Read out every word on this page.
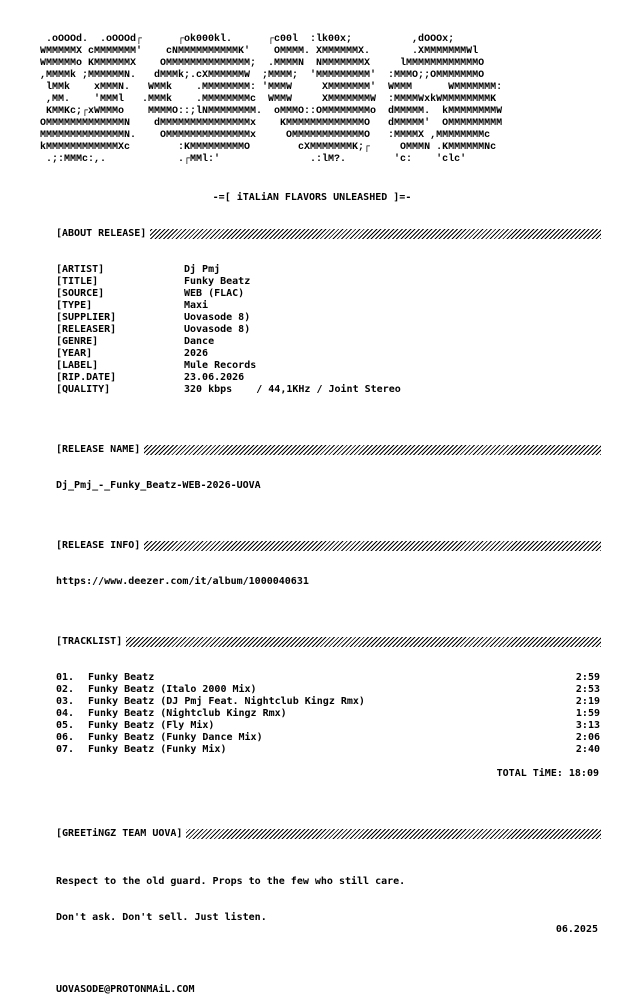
.oOOOd.  .oOOOd┌      ┌ok000kl.      ┌c00l  :lk00x;          ,dOOOx;
WMMMMMX cMMMMMMM'    cNMMMMMMMMMMK'    OMMMM. XMMMMMMX.       .XMMMMMMMWl
WMMMMMo KMMMMMMX    OMMMMMMMMMMMMMM;  .MMMMN  NMMMMMMMX     lMMMMMMMMMMMMO
,MMMMk ;MMMMMMN.   dMMMk;.cXMMMMMMW  ;MMMM;  'MMMMMMMMM'  :MMMO;;OMMMMMMMO
lMMk    xMMMN.   WMMk    .MMMMMMMM: 'MMMW     XMMMMMMM'  WMMM      WMMMMMMM:
,MM.    'MMMl   .MMMk    .MMMMMMMMc  WMMW     XMMMMMMMW  :MMMMWxkWMMMMMMMMK
KMMKc;┌xWMMMo    MMMMO::;lNMMMMMMMM.  oMMMO::OMMMMMMMMo  dMMMMM.  kMMMMMMMMW
OMMMMMMMMMMMMMN    dMMMMMMMMMMMMMMMx    KMMMMMMMMMMMMMO   dMMMMM'  OMMMMMMMMM
MMMMMMMMMMMMMMN.    OMMMMMMMMMMMMMMx     OMMMMMMMMMMMMO   :MMMMX ,MMMMMMMMc
kMMMMMMMMMMMMXc        :KMMMMMMMMMO        cXMMMMMMMK;┌     OMMMN .KMMMMMMNc
.;:MMMc:,.            .┌MMl:'               .:lM?.        'c:    'clc'
-=[ iTALiAN FLAVORS UNLEASHED ]=-
[ABOUT RELEASE]
[ARTIST]	Dj Pmj
[TITLE]	Funky Beatz
[SOURCE]	WEB (FLAC)
[TYPE]	Maxi
[SUPPLIER]	Uovasode 8)
[RELEASER]	Uovasode 8)
[GENRE]	Dance
[YEAR]	2026
[LABEL]	Mule Records
[RIP.DATE]	23.06.2026
[QUALITY]	320 kbps    / 44,1KHz / Joint Stereo
[RELEASE NAME]
Dj_Pmj_-_Funky_Beatz-WEB-2026-UOVA
[RELEASE INFO]
https://www.deezer.com/it/album/1000040631
[TRACKLIST]
01. Funky Beatz	2:59
02. Funky Beatz (Italo 2000 Mix)	2:53
03. Funky Beatz (DJ Pmj Feat. Nightclub Kingz Rmx)	2:19
04. Funky Beatz (Nightclub Kingz Rmx)	1:59
05. Funky Beatz (Fly Mix)	3:13
06. Funky Beatz (Funky Dance Mix)	2:06
07. Funky Beatz (Funky Mix)	2:40
TOTAL TiME: 18:09
[GREETiNGZ TEAM UOVA]

Respect to the old guard. Props to the few who still care.

Don't ask. Don't sell. Just listen.

UOVASODE@PROTONMAiL.COM

06.2025
